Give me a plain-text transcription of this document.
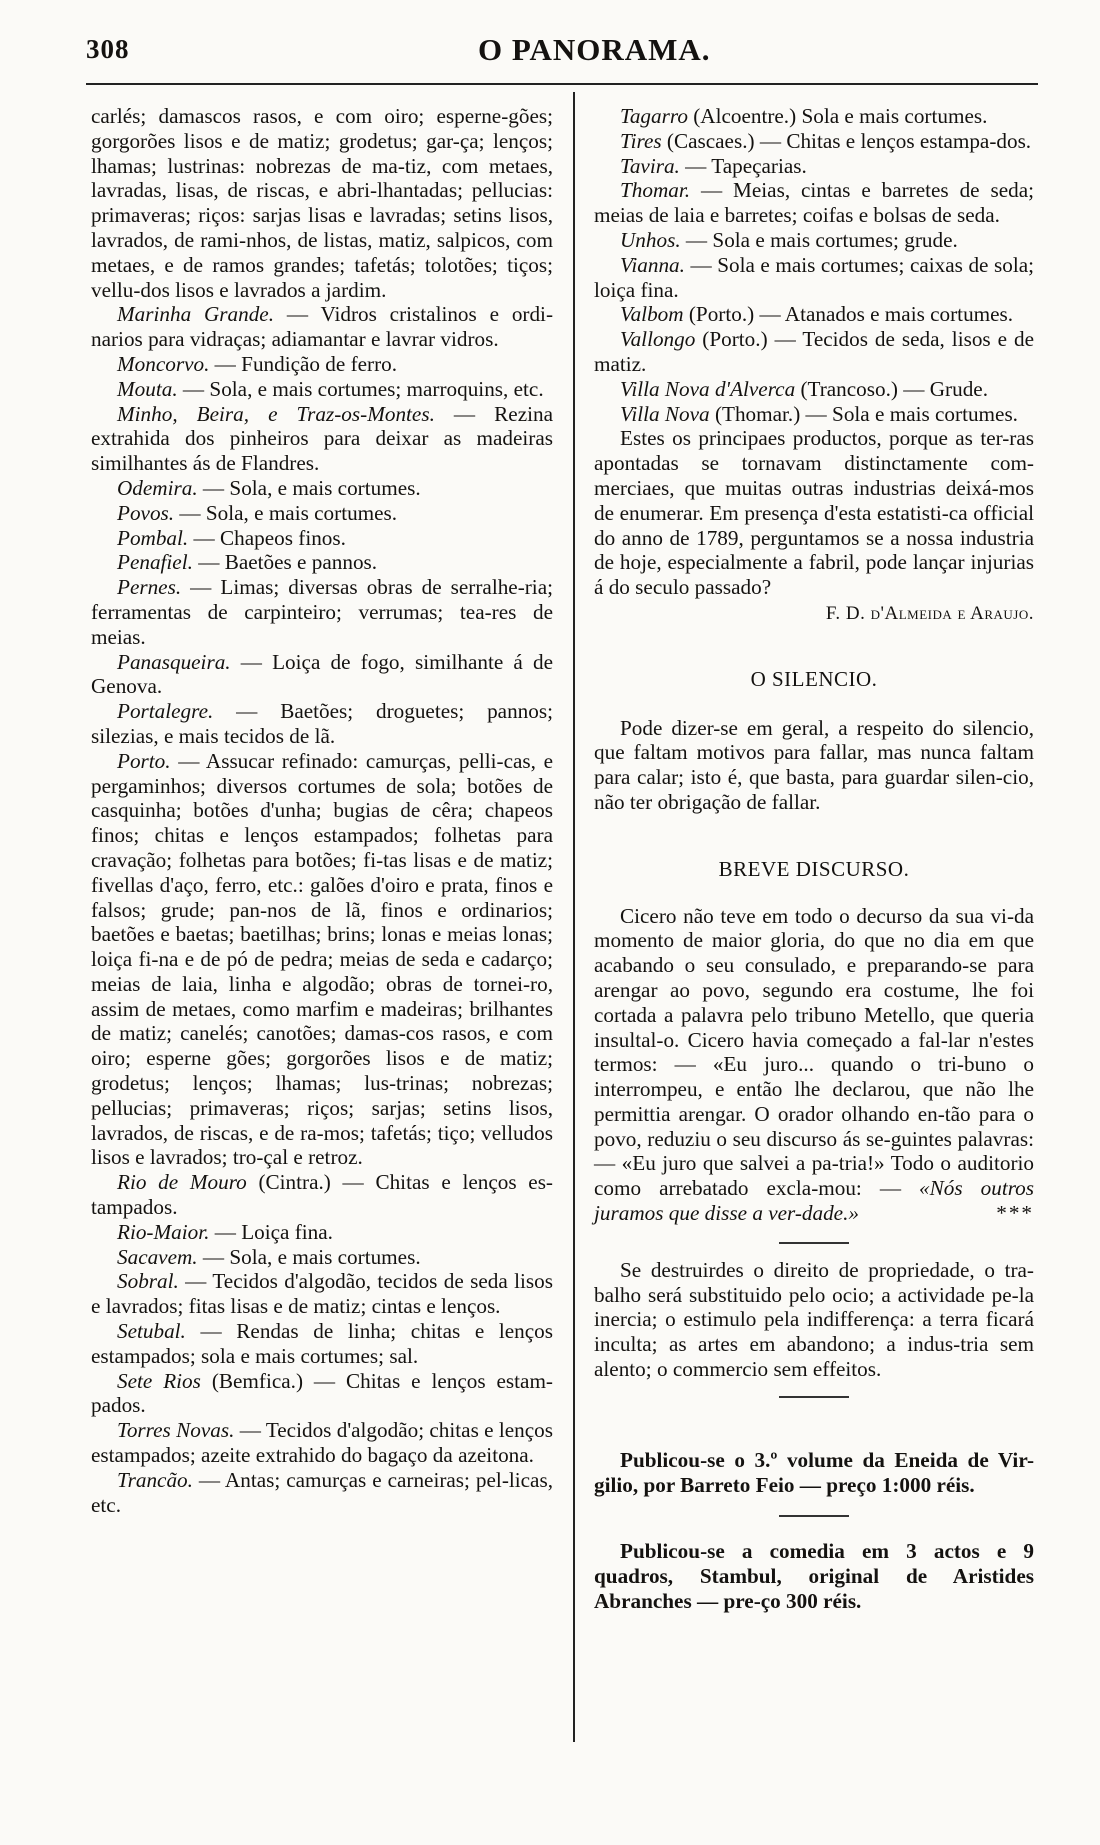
308	O PANORAMA.

carlés; damascos rasos, e com oiro; esperne-gões; gorgorões lisos e de matiz; grodetus; gar-ça; lenços; lhamas; lustrinas: nobrezas de ma-tiz, com metaes, lavradas, lisas, de riscas, e abri-lhantadas; pellucias: primaveras; riços: sarjas lisas e lavradas; setins lisos, lavrados, de rami-nhos, de listas, matiz, salpicos, com metaes, e de ramos grandes; tafetás; tolotões; tiços; vellu-dos lisos e lavrados a jardim.

Marinha Grande. — Vidros cristalinos e ordi-narios para vidraças; adiamantar e lavrar vidros.

Moncorvo. — Fundição de ferro.

Mouta. — Sola, e mais cortumes; marroquins, etc.

Minho, Beira, e Traz-os-Montes. — Rezina extrahida dos pinheiros para deixar as madeiras similhantes ás de Flandres.

Odemira. — Sola, e mais cortumes.

Povos. — Sola, e mais cortumes.

Pombal. — Chapeos finos.

Penafiel. — Baetões e pannos.

Pernes. — Limas; diversas obras de serralhe-ria; ferramentas de carpinteiro; verrumas; tea-res de meias.

Panasqueira. — Loiça de fogo, similhante á de Genova.

Portalegre. — Baetões; droguetes; pannos; silezias, e mais tecidos de lã.

Porto. — Assucar refinado: camurças, pelli-cas, e pergaminhos; diversos cortumes de sola; botões de casquinha; botões d'unha; bugias de cêra; chapeos finos; chitas e lenços estampados; folhetas para cravação; folhetas para botões; fi-tas lisas e de matiz; fivellas d'aço, ferro, etc.: galões d'oiro e prata, finos e falsos; grude; pan-nos de lã, finos e ordinarios; baetões e baetas; baetilhas; brins; lonas e meias lonas; loiça fi-na e de pó de pedra; meias de seda e cadarço; meias de laia, linha e algodão; obras de tornei-ro, assim de metaes, como marfim e madeiras; brilhantes de matiz; canelés; canotões; damas-cos rasos, e com oiro; esperne gões; gorgorões lisos e de matiz; grodetus; lenços; lhamas; lus-trinas; nobrezas; pellucias; primaveras; riços; sarjas; setins lisos, lavrados, de riscas, e de ra-mos; tafetás; tiço; velludos lisos e lavrados; tro-çal e retroz.

Rio de Mouro (Cintra.) — Chitas e lenços es-tampados.

Rio-Maior. — Loiça fina.

Sacavem. — Sola, e mais cortumes.

Sobral. — Tecidos d'algodão, tecidos de seda lisos e lavrados; fitas lisas e de matiz; cintas e lenços.

Setubal. — Rendas de linha; chitas e lenços estampados; sola e mais cortumes; sal.

Sete Rios (Bemfica.) — Chitas e lenços estam-pados.

Torres Novas. — Tecidos d'algodão; chitas e lenços estampados; azeite extrahido do bagaço da azeitona.

Trancão. — Antas; camurças e carneiras; pel-licas, etc.

Tagarro (Alcoentre.) Sola e mais cortumes.

Tires (Cascaes.) — Chitas e lenços estampa-dos.

Tavira. — Tapeçarias.

Thomar. — Meias, cintas e barretes de seda; meias de laia e barretes; coifas e bolsas de seda.

Unhos. — Sola e mais cortumes; grude.

Vianna. — Sola e mais cortumes; caixas de sola; loiça fina.

Valbom (Porto.) — Atanados e mais cortumes.

Vallongo (Porto.) — Tecidos de seda, lisos e de matiz.

Villa Nova d'Alverca (Trancoso.) — Grude.

Villa Nova (Thomar.) — Sola e mais cortumes.

Estes os principaes productos, porque as ter-ras apontadas se tornavam distinctamente com-merciaes, que muitas outras industrias deixá-mos de enumerar. Em presença d'esta estatisti-ca official do anno de 1789, perguntamos se a nossa industria de hoje, especialmente a fabril, pode lançar injurias á do seculo passado?

F. D. d'Almeida e Araujo.

O SILENCIO.

Pode dizer-se em geral, a respeito do silencio, que faltam motivos para fallar, mas nunca faltam para calar; isto é, que basta, para guardar silen-cio, não ter obrigação de fallar.

BREVE DISCURSO.

Cicero não teve em todo o decurso da sua vi-da momento de maior gloria, do que no dia em que acabando o seu consulado, e preparando-se para arengar ao povo, segundo era costume, lhe foi cortada a palavra pelo tribuno Metello, que queria insultal-o. Cicero havia começado a fal-lar n'estes termos: — «Eu juro... quando o tri-buno o interrompeu, e então lhe declarou, que não lhe permittia arengar. O orador olhando en-tão para o povo, reduziu o seu discurso ás se-guintes palavras: — «Eu juro que salvei a pa-tria!» Todo o auditorio como arrebatado excla-mou: — «Nós outros juramos que disse a ver-dade.»	***

Se destruirdes o direito de propriedade, o tra-balho será substituido pelo ocio; a actividade pe-la inercia; o estimulo pela indifferença: a terra ficará inculta; as artes em abandono; a indus-tria sem alento; o commercio sem effeitos.

Publicou-se o 3.º volume da Eneida de Vir-gilio, por Barreto Feio — preço 1:000 réis.

Publicou-se a comedia em 3 actos e 9 quadros, Stambul, original de Aristides Abranches — pre-ço 300 réis.
